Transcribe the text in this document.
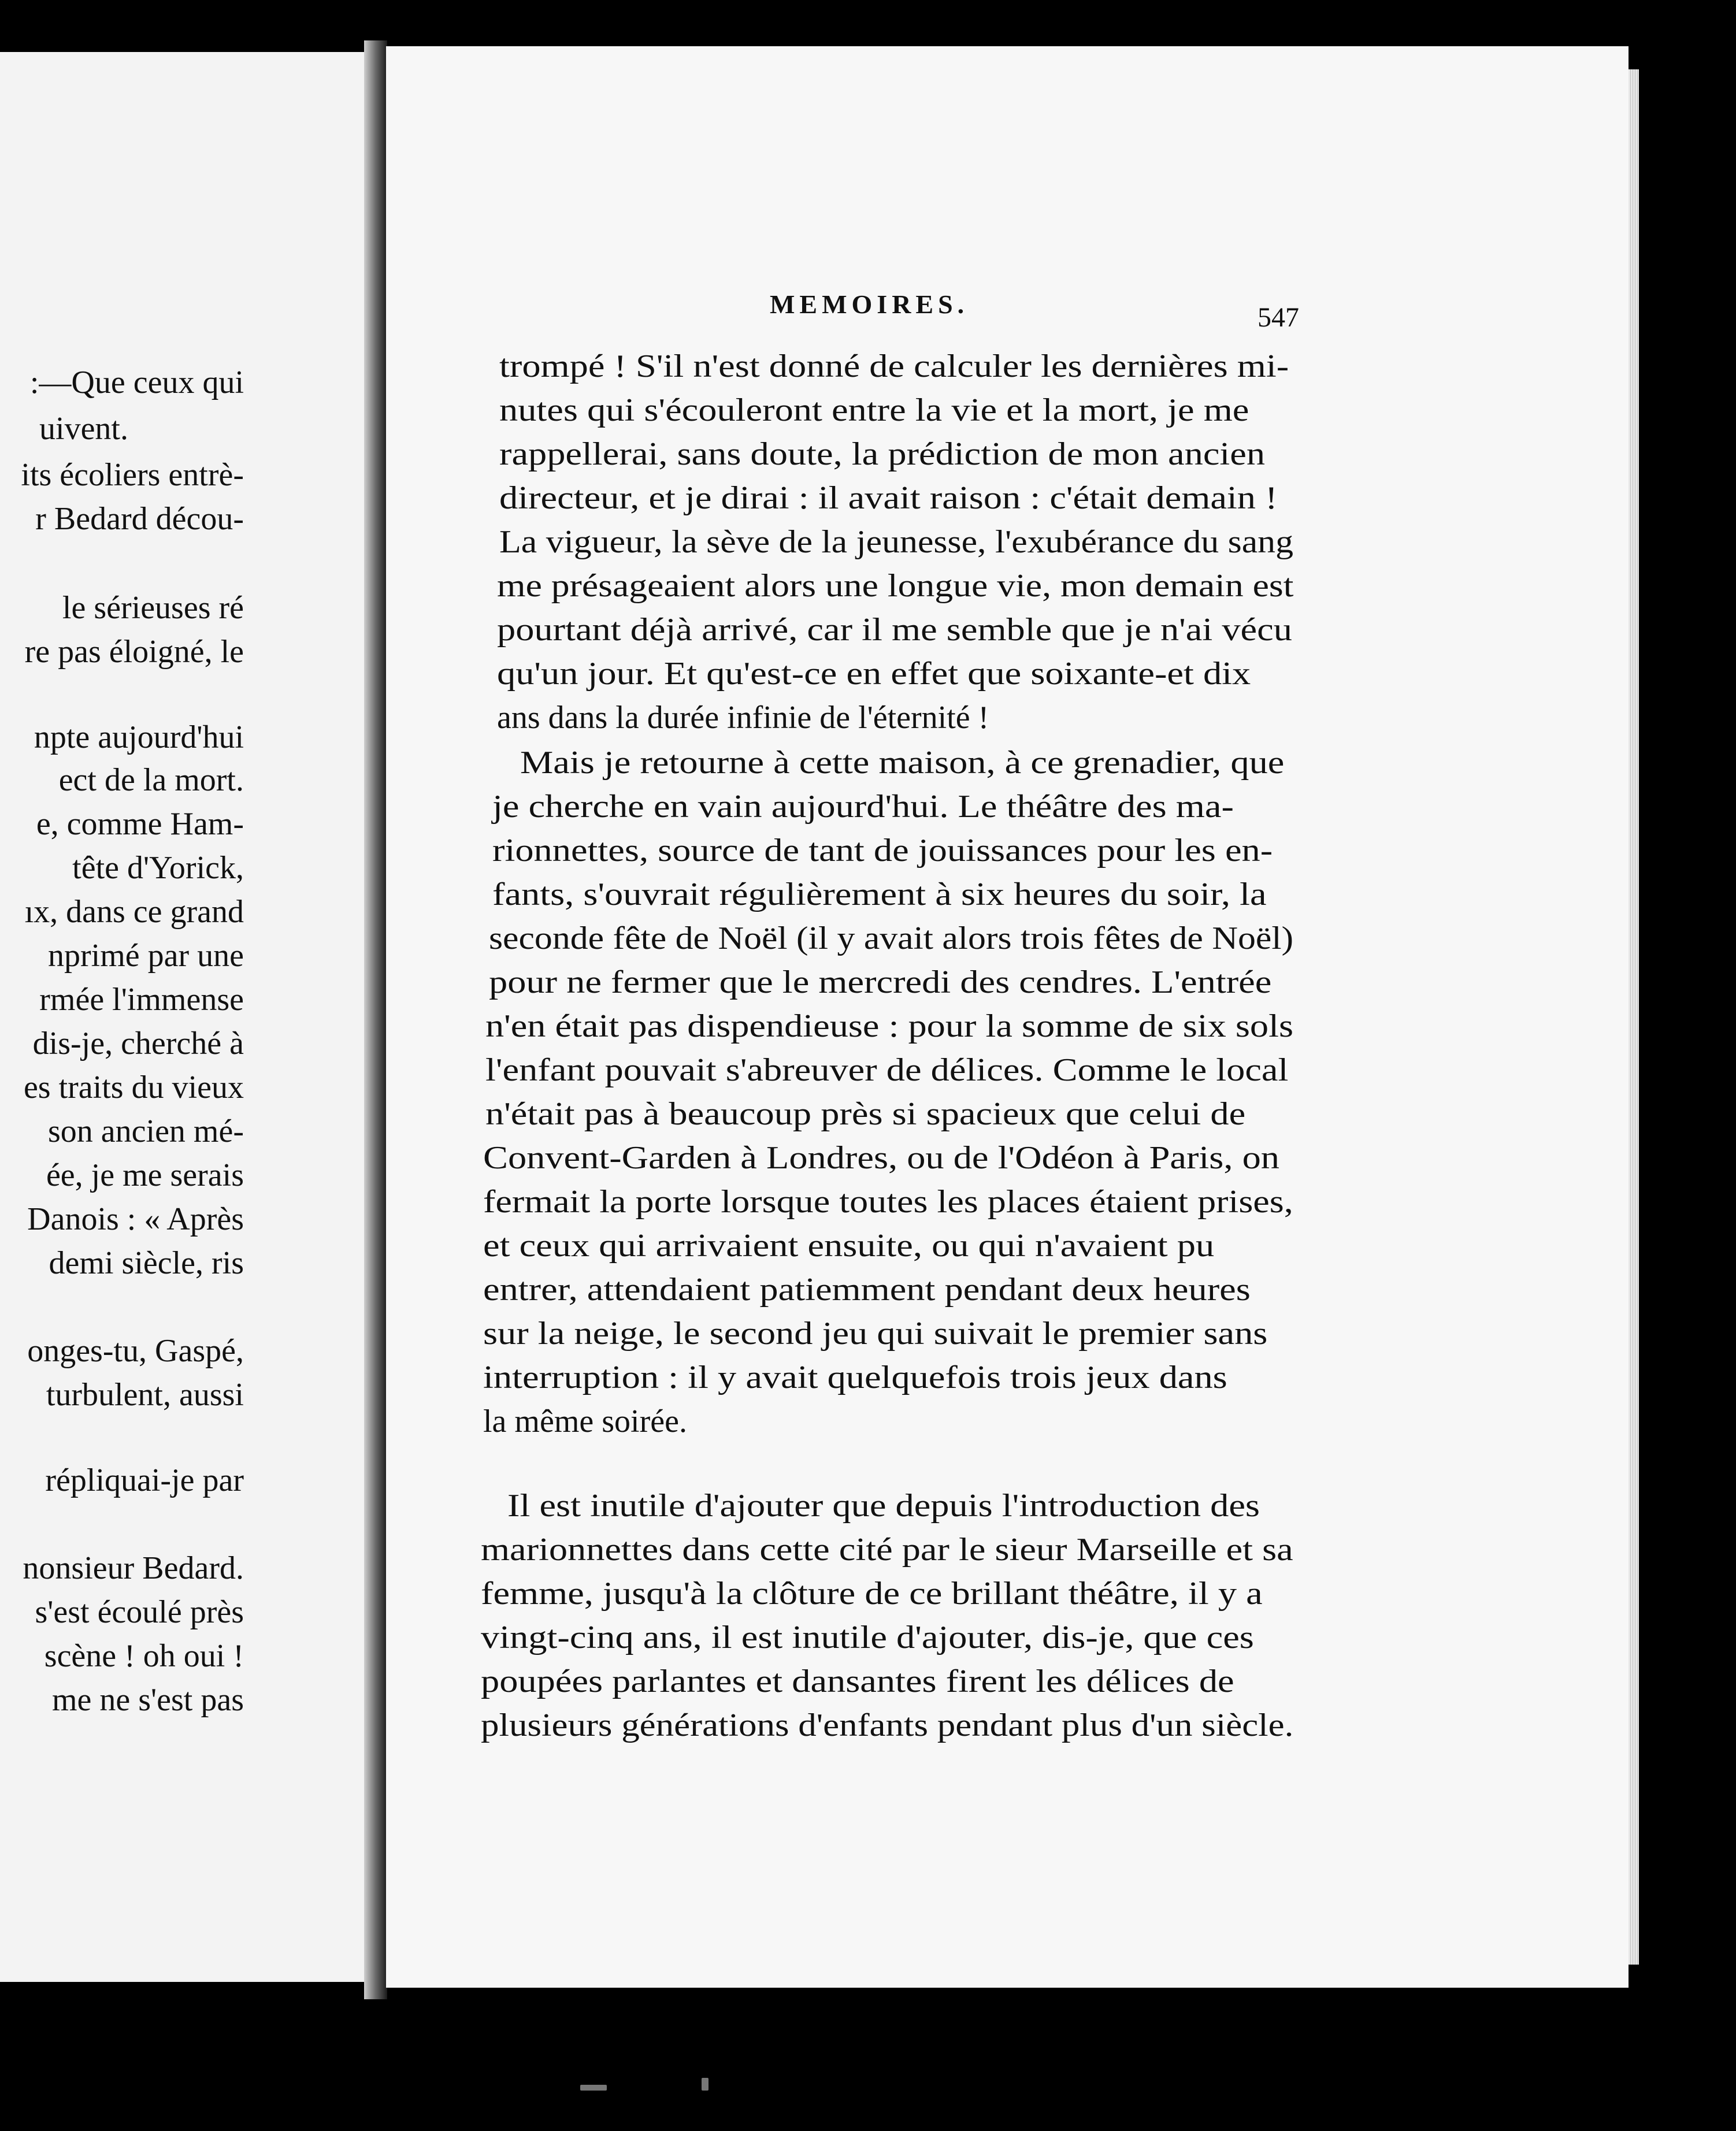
:—Que ceux qui

uivent.

its écoliers entrè-

r Bedard décou-

le sérieuses ré

re pas éloigné, le

npte aujourd'hui

ect de la mort.

e, comme Ham-

tête d'Yorick,

ıx, dans ce grand

nprimé par une

rmée l'immense

dis-je, cherché à

es traits du vieux

son ancien mé-

ée, je me serais

Danois : « Après

demi siècle, ris

onges-tu, Gaspé,

turbulent, aussi

répliquai-je par

nonsieur Bedard.

s'est écoulé près

scène ! oh oui !

me ne s'est pas

MEMOIRES.	547

trompé ! S'il n'est donné de calculer les dernières mi-

nutes qui s'écouleront entre la vie et la mort, je me

rappellerai, sans doute, la prédiction de mon ancien

directeur, et je dirai : il avait raison : c'était demain !

La vigueur, la sève de la jeunesse, l'exubérance du sang

me présageaient alors une longue vie, mon demain est

pourtant déjà arrivé, car il me semble que je n'ai vécu

qu'un jour. Et qu'est-ce en effet que soixante-et dix

ans dans la durée infinie de l'éternité !

Mais je retourne à cette maison, à ce grenadier, que

je cherche en vain aujourd'hui. Le théâtre des ma-

rionnettes, source de tant de jouissances pour les en-

fants, s'ouvrait régulièrement à six heures du soir, la

seconde fête de Noël (il y avait alors trois fêtes de Noël)

pour ne fermer que le mercredi des cendres. L'entrée

n'en était pas dispendieuse : pour la somme de six sols

l'enfant pouvait s'abreuver de délices. Comme le local

n'était pas à beaucoup près si spacieux que celui de

Convent-Garden à Londres, ou de l'Odéon à Paris, on

fermait la porte lorsque toutes les places étaient prises,

et ceux qui arrivaient ensuite, ou qui n'avaient pu

entrer, attendaient patiemment pendant deux heures

sur la neige, le second jeu qui suivait le premier sans

interruption : il y avait quelquefois trois jeux dans

la même soirée.

Il est inutile d'ajouter que depuis l'introduction des

marionnettes dans cette cité par le sieur Marseille et sa

femme, jusqu'à la clôture de ce brillant théâtre, il y a

vingt-cinq ans, il est inutile d'ajouter, dis-je, que ces

poupées parlantes et dansantes firent les délices de

plusieurs générations d'enfants pendant plus d'un siècle.
